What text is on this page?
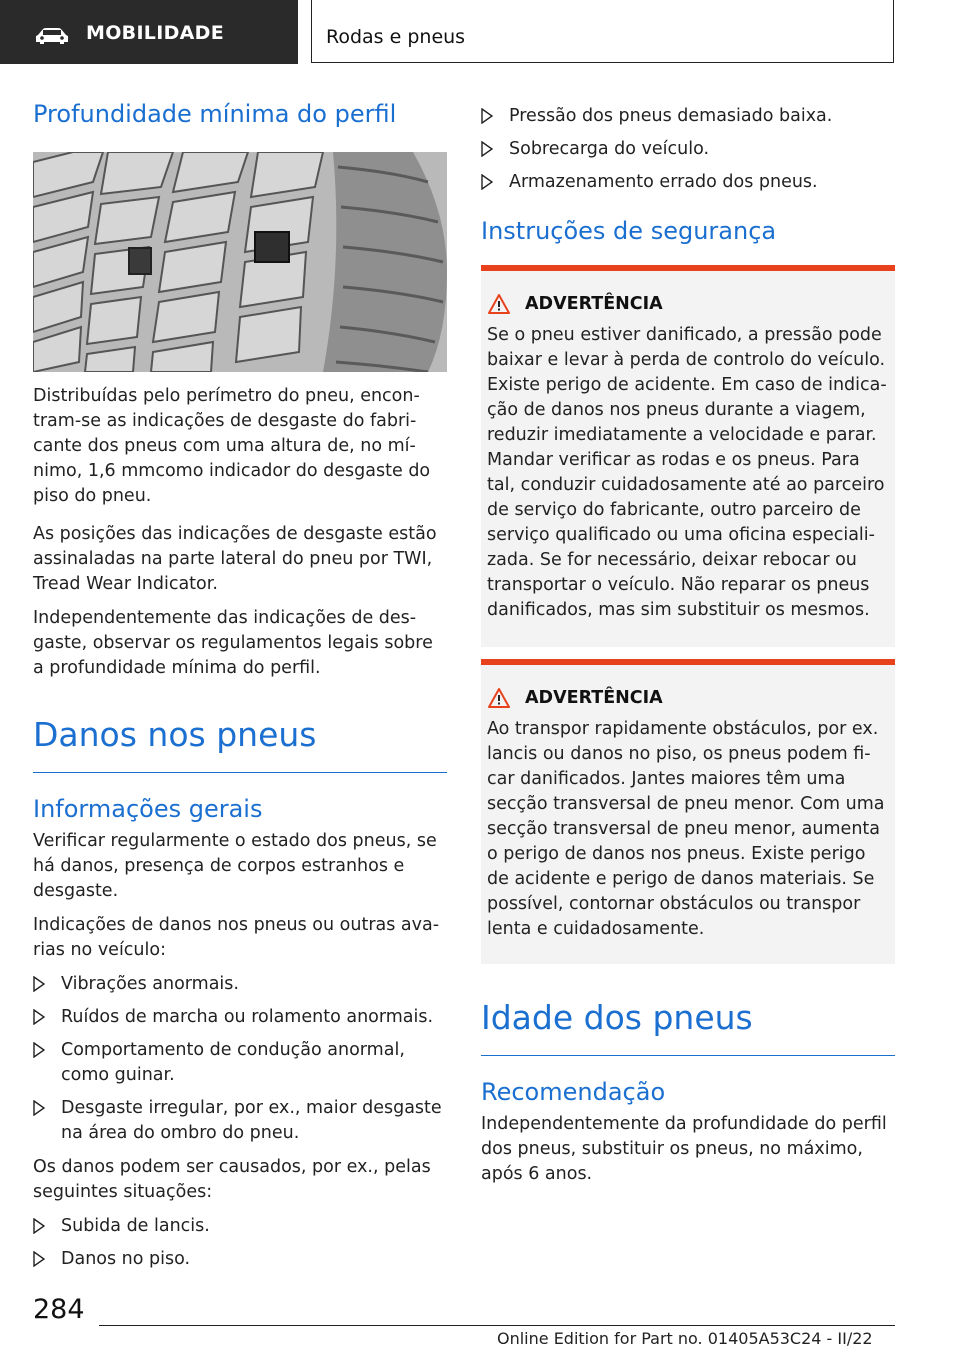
MOBILIDADE	Rodas e pneus
Profundidade mínima do perfil

Distribuídas pelo perímetro do pneu, encon-tram-se as indicações de desgaste do fabri-cante dos pneus com uma altura de, no mí-nimo, 1,6 mmcomo indicador do desgaste do piso do pneu.

As posições das indicações de desgaste estão assinaladas na parte lateral do pneu por TWI, Tread Wear Indicator.

Independentemente das indicações de des-gaste, observar os regulamentos legais sobre a profundidade mínima do perfil.

Danos nos pneus
Informações gerais

Verificar regularmente o estado dos pneus, se há danos, presença de corpos estranhos e desgaste.

Indicações de danos nos pneus ou outras ava-rias no veículo:

Vibrações anormais.
Ruídos de marcha ou rolamento anormais.
Comportamento de condução anormal, como guinar.
Desgaste irregular, por ex., maior desgaste na área do ombro do pneu.

Os danos podem ser causados, por ex., pelas seguintes situações:

Subida de lancis.
Danos no piso.
Pressão dos pneus demasiado baixa.
Sobrecarga do veículo.
Armazenamento errado dos pneus.
Instruções de segurança
ADVERTÊNCIA

Se o pneu estiver danificado, a pressão pode baixar e levar à perda de controlo do veículo. Existe perigo de acidente. Em caso de indica-ção de danos nos pneus durante a viagem, reduzir imediatamente a velocidade e parar. Mandar verificar as rodas e os pneus. Para tal, conduzir cuidadosamente até ao parceiro de serviço do fabricante, outro parceiro de serviço qualificado ou uma oficina especiali-zada. Se for necessário, deixar rebocar ou transportar o veículo. Não reparar os pneus danificados, mas sim substituir os mesmos.

ADVERTÊNCIA

Ao transpor rapidamente obstáculos, por ex. lancis ou danos no piso, os pneus podem fi-car danificados. Jantes maiores têm uma secção transversal de pneu menor. Com uma secção transversal de pneu menor, aumenta o perigo de danos nos pneus. Existe perigo de acidente e perigo de danos materiais. Se possível, contornar obstáculos ou transpor lenta e cuidadosamente.

Idade dos pneus
Recomendação

Independentemente da profundidade do perfil dos pneus, substituir os pneus, no máximo, após 6 anos.

284
Online Edition for Part no. 01405A53C24 - II/22
